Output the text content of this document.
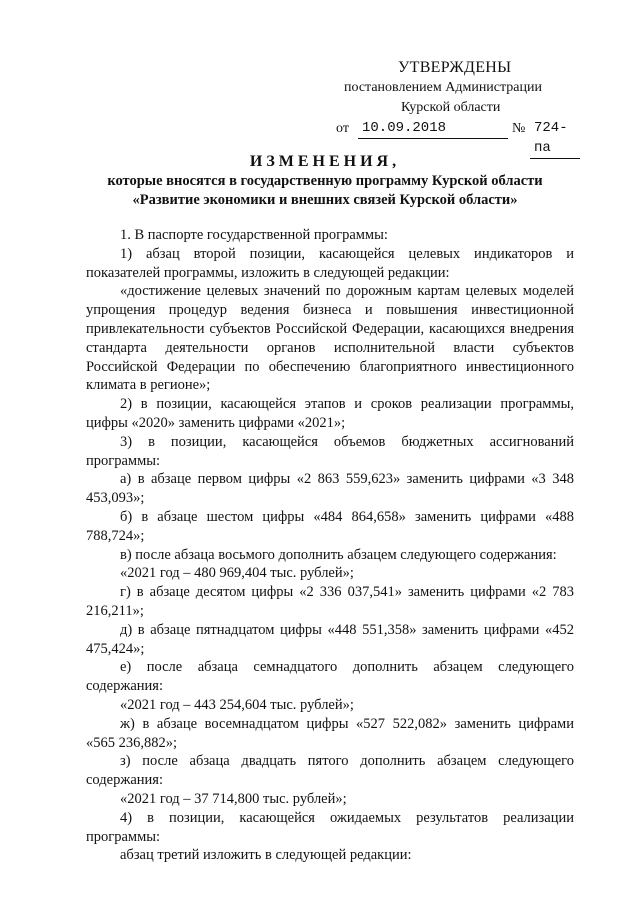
УТВЕРЖДЕНЫ
постановлением Администрации
Курской области
от 10.09.2018	№ 724-па
ИЗМЕНЕНИЯ,
которые вносятся в государственную программу Курской области
«Развитие экономики и внешних связей Курской области»

1. В паспорте государственной программы:

1) абзац второй позиции, касающейся целевых индикаторов и показателей программы, изложить в следующей редакции:

«достижение целевых значений по дорожным картам целевых моделей упрощения процедур ведения бизнеса и повышения инвестиционной привлекательности субъектов Российской Федерации, касающихся внедрения стандарта деятельности органов исполнительной власти субъектов Российской Федерации по обеспечению благоприятного инвестиционного климата в регионе»;

2) в позиции, касающейся этапов и сроков реализации программы, цифры «2020» заменить цифрами «2021»;

3) в позиции, касающейся объемов бюджетных ассигнований программы:

а) в абзаце первом цифры «2 863 559,623» заменить цифрами «3 348 453,093»;

б) в абзаце шестом цифры «484 864,658» заменить цифрами «488 788,724»;

в) после абзаца восьмого дополнить абзацем следующего содержания:

«2021 год – 480 969,404 тыс. рублей»;

г) в абзаце десятом цифры «2 336 037,541» заменить цифрами «2 783 216,211»;

д) в абзаце пятнадцатом цифры «448 551,358» заменить цифрами «452 475,424»;

е) после абзаца семнадцатого дополнить абзацем следующего содержания:

«2021 год – 443 254,604 тыс. рублей»;

ж) в абзаце восемнадцатом цифры «527 522,082» заменить цифрами «565 236,882»;

з) после абзаца двадцать пятого дополнить абзацем следующего содержания:

«2021 год – 37 714,800 тыс. рублей»;

4) в позиции, касающейся ожидаемых результатов реализации программы:

абзац третий изложить в следующей редакции:
